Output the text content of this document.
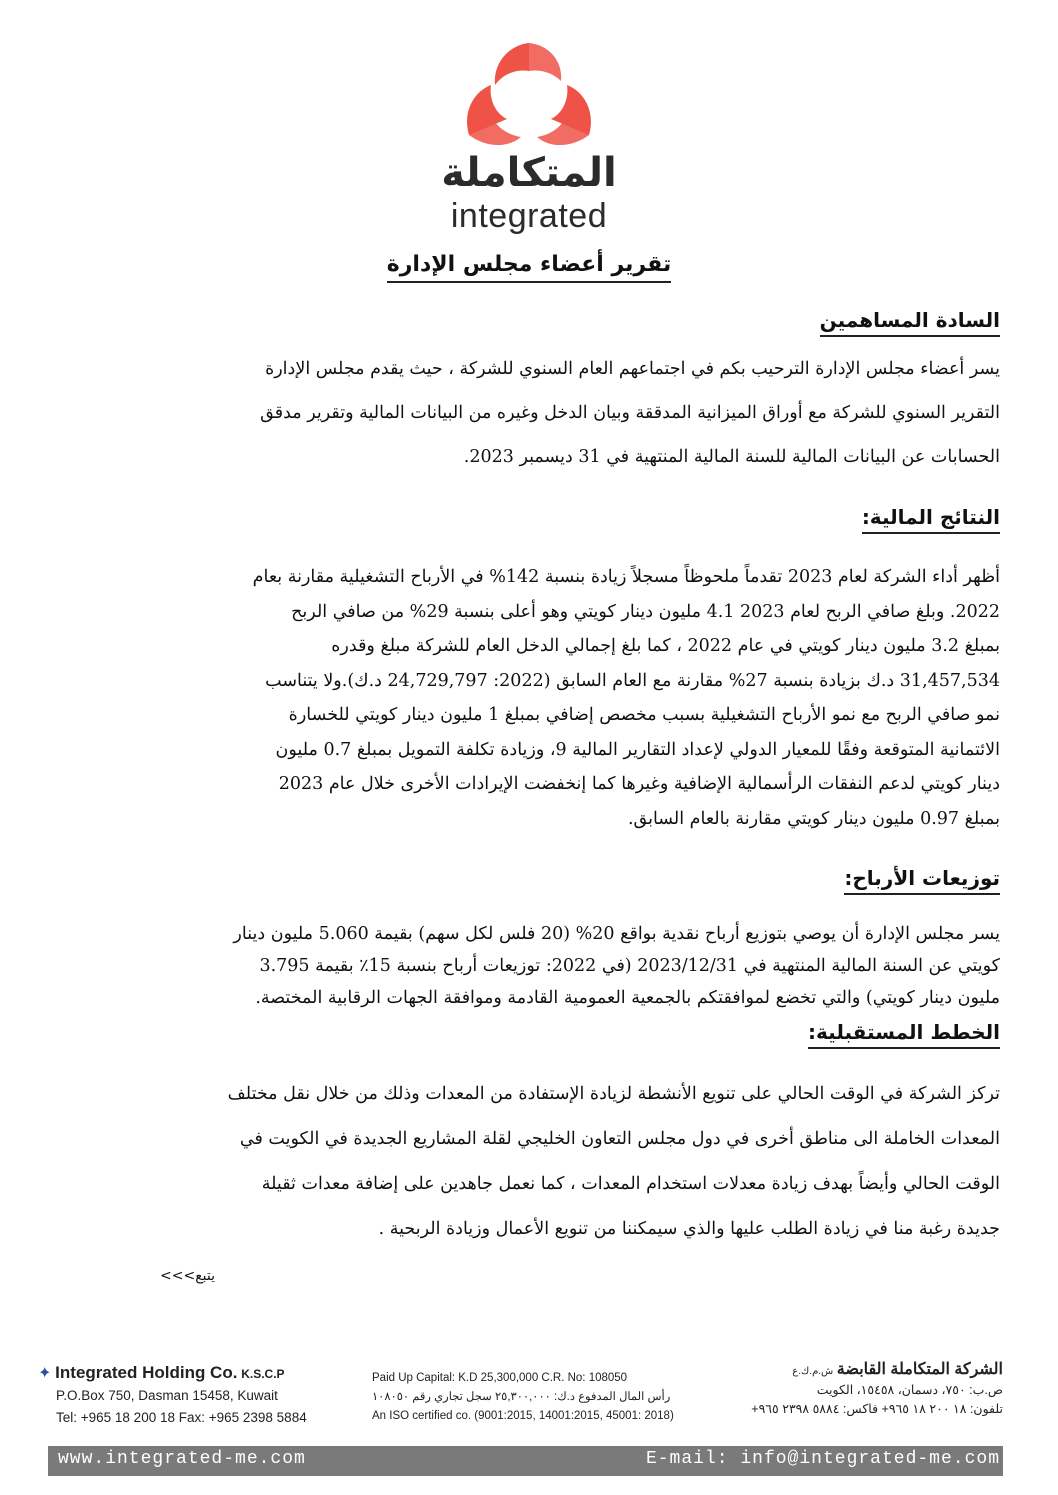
المتكاملة
integrated
تقرير أعضاء مجلس الإدارة
السادة المساهمين

يسر أعضاء مجلس الإدارة الترحيب بكم في اجتماعهم العام السنوي للشركة ، حيث يقدم مجلس الإدارة

التقرير السنوي للشركة مع أوراق الميزانية المدققة وبيان الدخل وغيره من البيانات المالية وتقرير مدقق

الحسابات عن البيانات المالية للسنة المالية المنتهية في 31 ديسمبر 2023.

النتائج المالية:

أظهر أداء الشركة لعام 2023 تقدماً ملحوظاً مسجلاً زيادة بنسبة 142% في الأرباح التشغيلية مقارنة بعام

2022. وبلغ صافي الربح لعام 2023 4.1 مليون دينار كويتي وهو أعلى بنسبة 29% من صافي الربح

بمبلغ 3.2 مليون دينار كويتي في عام 2022 ، كما بلغ إجمالي الدخل العام للشركة مبلغ وقدره

31,457,534 د.ك بزيادة بنسبة 27% مقارنة مع العام السابق (2022: 24,729,797 د.ك).ولا يتناسب

نمو صافي الربح مع نمو الأرباح التشغيلية بسبب مخصص إضافي بمبلغ 1 مليون دينار كويتي للخسارة

الائتمانية المتوقعة وفقًا للمعيار الدولي لإعداد التقارير المالية 9، وزيادة تكلفة التمويل بمبلغ 0.7 مليون

دينار كويتي لدعم النفقات الرأسمالية الإضافية وغيرها كما إنخفضت الإيرادات الأخرى خلال عام 2023

بمبلغ 0.97 مليون دينار كويتي مقارنة بالعام السابق.

توزيعات الأرباح:

يسر مجلس الإدارة أن يوصي بتوزيع أرباح نقدية بواقع 20% (20 فلس لكل سهم) بقيمة 5.060 مليون دينار

كويتي عن السنة المالية المنتهية في 2023/12/31 (في 2022: توزيعات أرباح بنسبة 15٪ بقيمة 3.795

مليون دينار كويتي) والتي تخضع لموافقتكم بالجمعية العمومية القادمة وموافقة الجهات الرقابية المختصة.

الخطط المستقبلية:

تركز الشركة في الوقت الحالي على تنويع الأنشطة لزيادة الإستفادة من المعدات وذلك من خلال نقل مختلف

المعدات الخاملة الى مناطق أخرى في دول مجلس التعاون الخليجي لقلة المشاريع الجديدة في الكويت في

الوقت الحالي وأيضاً بهدف زيادة معدلات استخدام المعدات ، كما نعمل جاهدين على إضافة معدات ثقيلة

جديدة رغبة منا في زيادة الطلب عليها والذي سيمكننا من تنويع الأعمال وزيادة الربحية .

يتبع>>>
✦ Integrated Holding Co. K.S.C.P
P.O.Box 750, Dasman 15458, Kuwait
Tel: +965 18 200 18 Fax: +965 2398 5884
Paid Up Capital: K.D 25,300,000 C.R. No: 108050
رأس المال المدفوع د.ك: ٢٥,٣٠٠,٠٠٠ سجل تجاري رقم ١٠٨٠٥٠
An ISO certified co. (9001:2015, 14001:2015, 45001: 2018)
الشركة المتكاملة القابضة ش.م.ك.ع
ص.ب: ٧٥٠، دسمان، ١٥٤٥٨، الكويت
تلفون: ١٨ ٢٠٠ ١٨ ٩٦٥+ فاكس: ٥٨٨٤ ٢٣٩٨ ٩٦٥+
www.integrated-me.com	E-mail: info@integrated-me.com
